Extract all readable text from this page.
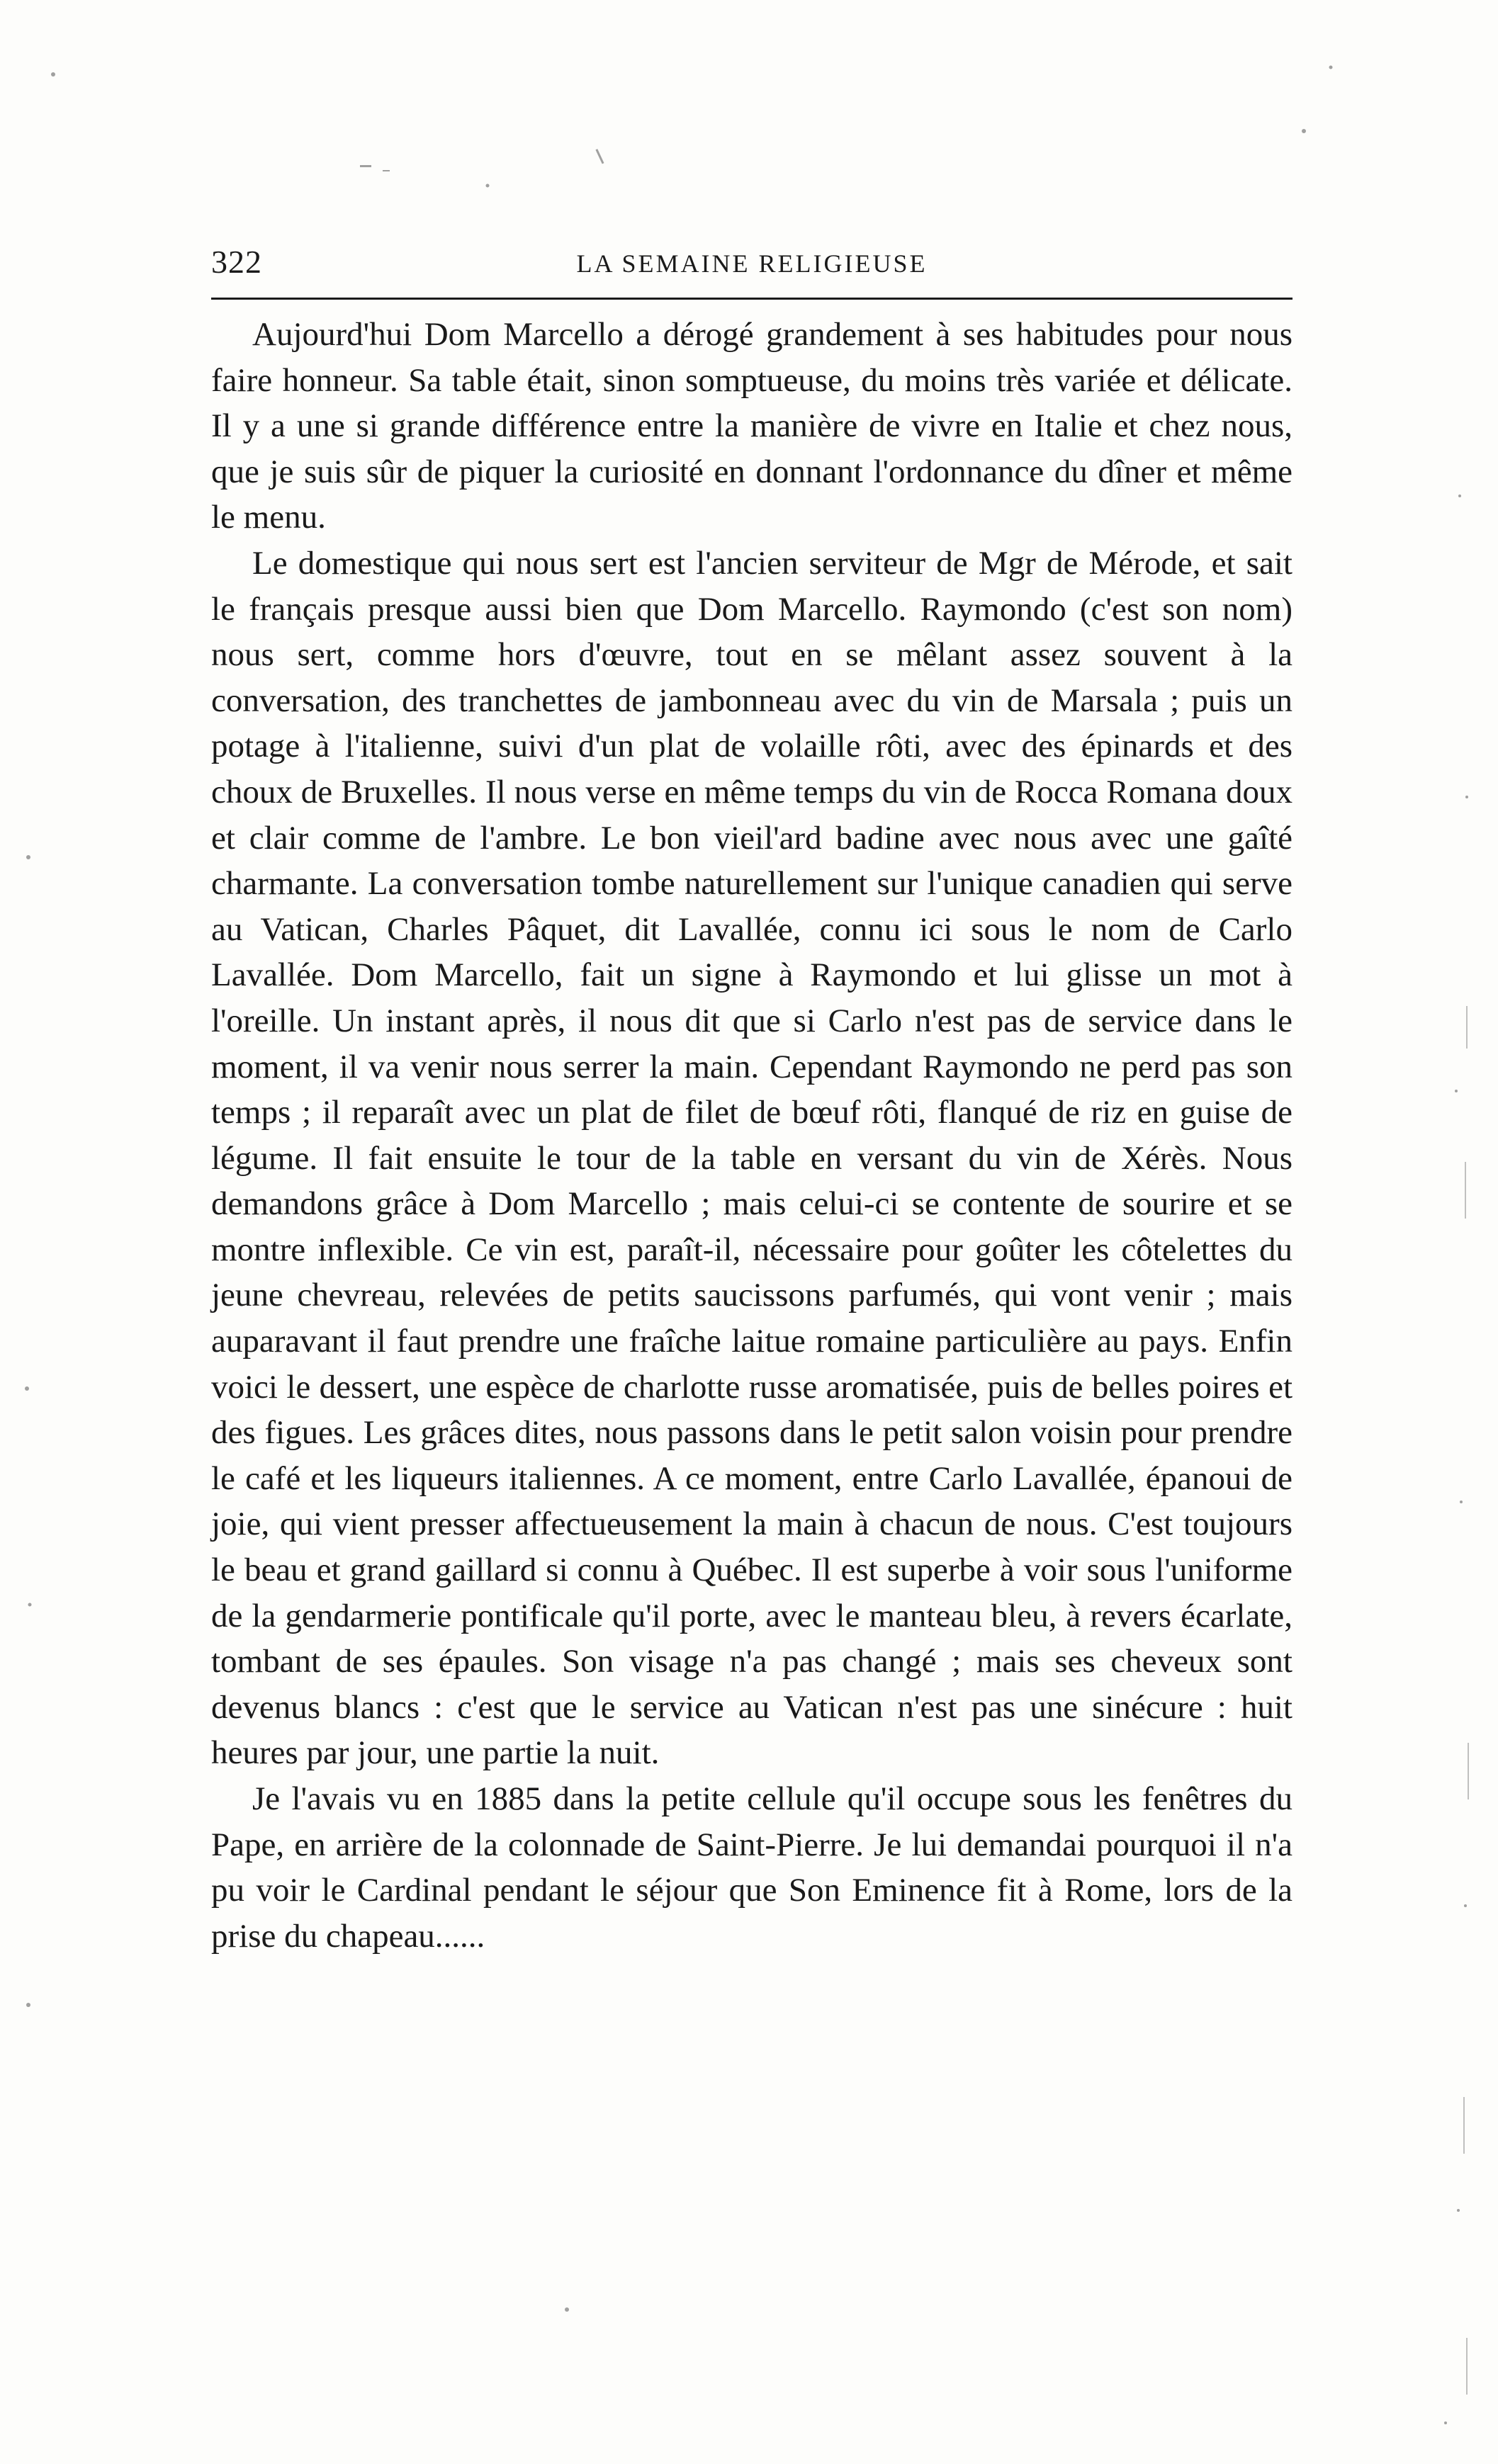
322	LA SEMAINE RELIGIEUSE

Aujourd'hui Dom Marcello a dérogé grandement à ses habitudes pour nous faire honneur. Sa table était, sinon somptueuse, du moins très variée et délicate. Il y a une si grande différence entre la manière de vivre en Italie et chez nous, que je suis sûr de piquer la curiosité en donnant l'ordonnance du dîner et même le menu.

Le domestique qui nous sert est l'ancien serviteur de Mgr de Mérode, et sait le français presque aussi bien que Dom Marcello. Raymondo (c'est son nom) nous sert, comme hors d'œuvre, tout en se mêlant assez souvent à la conversation, des tranchettes de jambonneau avec du vin de Marsala ; puis un potage à l'italienne, suivi d'un plat de volaille rôti, avec des épinards et des choux de Bruxelles. Il nous verse en même temps du vin de Rocca Romana doux et clair comme de l'ambre. Le bon vieil'ard badine avec nous avec une gaîté charmante. La conversation tombe naturellement sur l'unique canadien qui serve au Vatican, Charles Pâquet, dit Lavallée, connu ici sous le nom de Carlo Lavallée. Dom Marcello, fait un signe à Raymondo et lui glisse un mot à l'oreille. Un instant après, il nous dit que si Carlo n'est pas de service dans le moment, il va venir nous serrer la main. Cependant Raymondo ne perd pas son temps ; il reparaît avec un plat de filet de bœuf rôti, flanqué de riz en guise de légume. Il fait ensuite le tour de la table en versant du vin de Xérès. Nous demandons grâce à Dom Marcello ; mais celui-ci se contente de sourire et se montre inflexible. Ce vin est, paraît-il, nécessaire pour goûter les côtelettes du jeune chevreau, relevées de petits saucissons parfumés, qui vont venir ; mais auparavant il faut prendre une fraîche laitue romaine particulière au pays. Enfin voici le dessert, une espèce de charlotte russe aromatisée, puis de belles poires et des figues. Les grâces dites, nous passons dans le petit salon voisin pour prendre le café et les liqueurs italiennes. A ce moment, entre Carlo Lavallée, épanoui de joie, qui vient presser affectueusement la main à chacun de nous. C'est toujours le beau et grand gaillard si connu à Québec. Il est superbe à voir sous l'uniforme de la gendarmerie pontificale qu'il porte, avec le manteau bleu, à revers écarlate, tombant de ses épaules. Son visage n'a pas changé ; mais ses cheveux sont devenus blancs : c'est que le service au Vatican n'est pas une sinécure : huit heures par jour, une partie la nuit.

Je l'avais vu en 1885 dans la petite cellule qu'il occupe sous les fenêtres du Pape, en arrière de la colonnade de Saint-Pierre. Je lui demandai pourquoi il n'a pu voir le Cardinal pendant le séjour que Son Eminence fit à Rome, lors de la prise du chapeau......
